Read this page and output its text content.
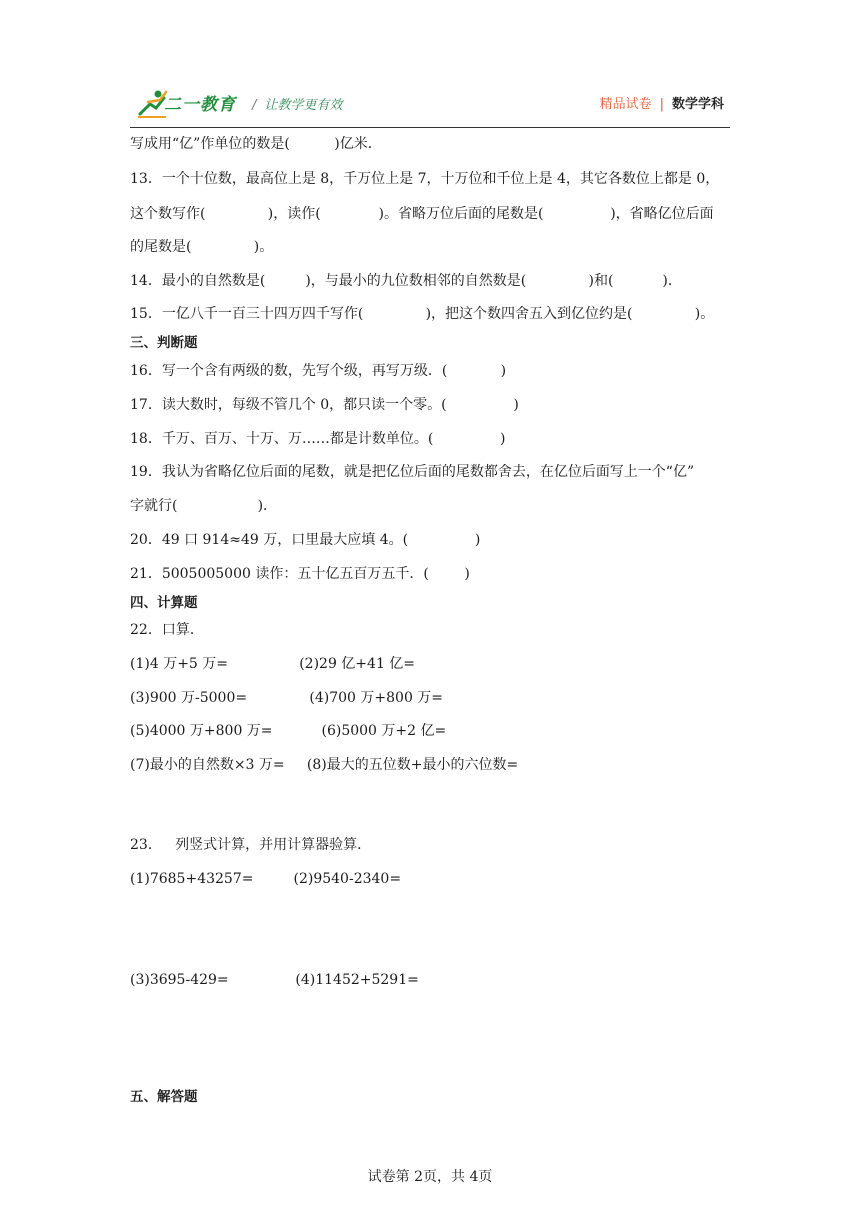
二一教育 / 让教学更有效	精品试卷 | 数学学科
写成用“亿”作单位的数是(          )亿米．
13．一个十位数，最高位上是 8，千万位上是 7，十万位和千位上是 4，其它各数位上都是 0，
这个数写作(              )，读作(             )。省略万位后面的尾数是(               )，省略亿位后面
的尾数是(              )。
14．最小的自然数是(         )，与最小的九位数相邻的自然数是(              )和(           )．
15．一亿八千一百三十四万四千写作(              )，把这个数四舍五入到亿位约是(              )。
三、判断题
16．写一个含有两级的数，先写个级，再写万级．(            )
17．读大数时，每级不管几个 0，都只读一个零。(               )
18．千万、百万、十万、万……都是计数单位。(               )
19．我认为省略亿位后面的尾数，就是把亿位后面的尾数都舍去，在亿位后面写上一个“亿”
字就行(                  )．
20．49 口 914≈49 万，口里最大应填 4。(               )
21．5005005000 读作：五十亿五百万五千．(        )
四、计算题
22．口算．
(1)4 万+5 万=                (2)29 亿+41 亿=
(3)900 万-5000=              (4)700 万+800 万=
(5)4000 万+800 万=           (6)5000 万+2 亿=
(7)最小的自然数×3 万=     (8)最大的五位数+最小的六位数=
23．   列竖式计算，并用计算器验算．
(1)7685+43257=         (2)9540-2340=
(3)3695-429=               (4)11452+5291=
五、解答题
试卷第 2页，共 4页
